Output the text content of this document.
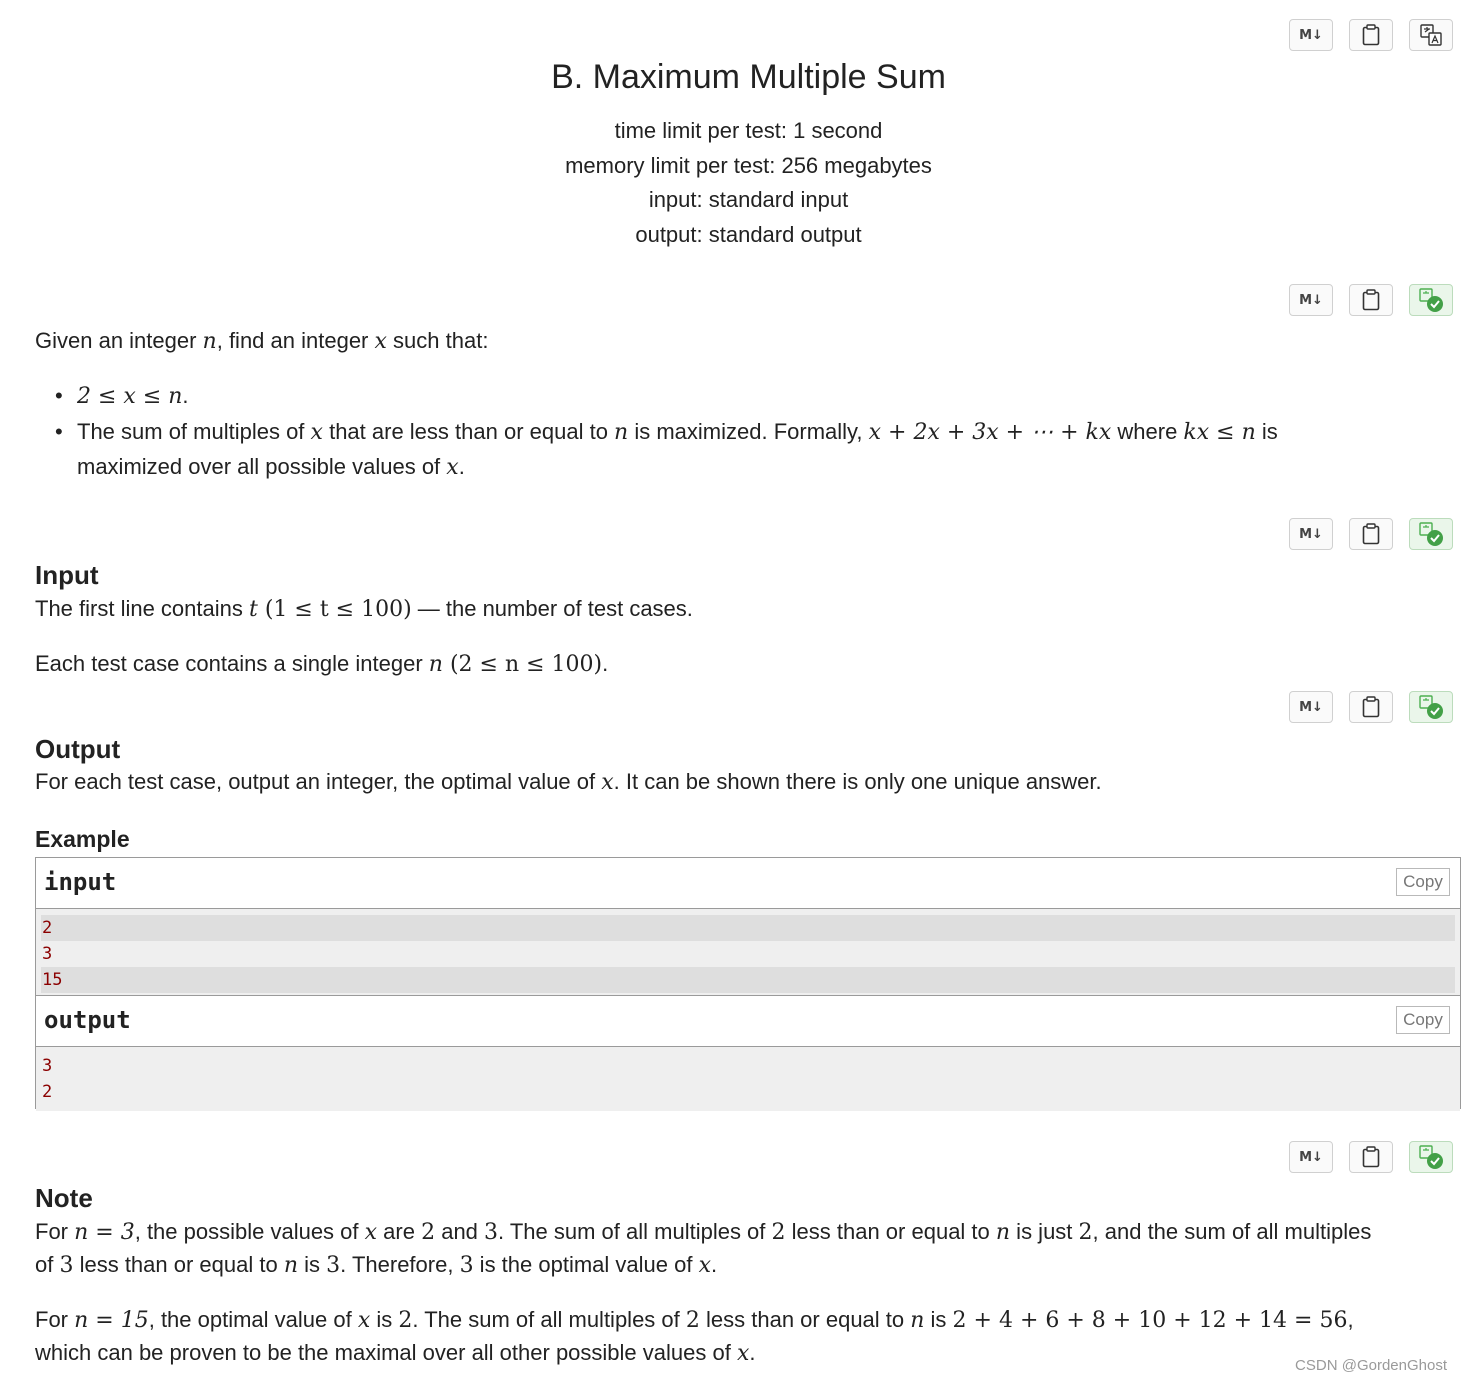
M↓
B. Maximum Multiple Sum
time limit per test: 1 second
memory limit per test: 256 megabytes
input: standard input
output: standard output
M↓
Given an integer n, find an integer x such that:
• 2 ≤ x ≤ n.
• The sum of multiples of x that are less than or equal to n is maximized. Formally, x + 2x + 3x + ⋯ + kx where kx ≤ n is
maximized over all possible values of x.
M↓
Input
The first line contains t (1 ≤ t ≤ 100) — the number of test cases.
Each test case contains a single integer n (2 ≤ n ≤ 100).
M↓
Output
For each test case, output an integer, the optimal value of x. It can be shown there is only one unique answer.
Example
input	Copy
2
3
15
output	Copy
3
2
M↓
Note
For n = 3, the possible values of x are 2 and 3. The sum of all multiples of 2 less than or equal to n is just 2, and the sum of all multiples
of 3 less than or equal to n is 3. Therefore, 3 is the optimal value of x.
For n = 15, the optimal value of x is 2. The sum of all multiples of 2 less than or equal to n is 2 + 4 + 6 + 8 + 10 + 12 + 14 = 56,
which can be proven to be the maximal over all other possible values of x.
CSDN @GordenGhost
